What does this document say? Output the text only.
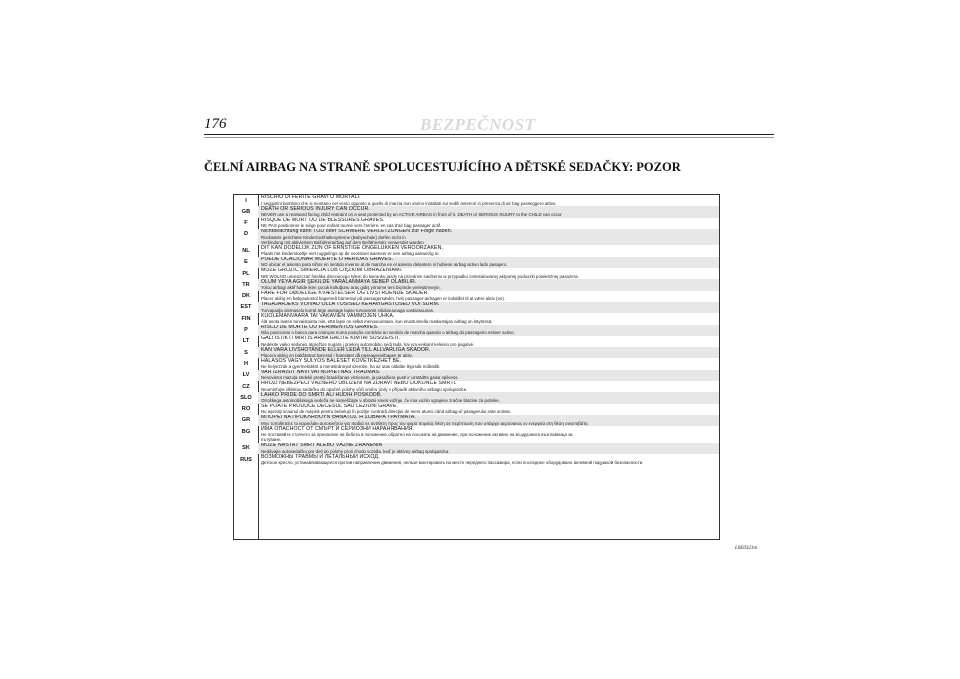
176	BEZPEČNOST
ČELNÍ AIRBAG NA STRANĚ SPOLUCESTUJÍCÍHO A DĚTSKÉ SEDAČKY: POZOR
I
RISCHIO DI FERITE GRAVI O MORTALI.
I seggiolini bambino che si montano nel verso opposto a quello di marcia non vanno installati sui sedili anteriori in presenza di air bag passeggero attivo.
GB
DEATH OR SERIOUS INJURY CAN OCCUR.
NEVER use a rearward facing child restraint on a seat protected by an ACTIVE AIRBAG in front of it. DEATH or SERIOUS INJURY to the CHILD can occur
F
RISQUE DE MORT OU DE BLESSURES GRAVES.
NE PAS positionner le siège pour enfant tourné vers l'arrière, en cas d'air bag passager actif.
D
Nichtbeachtung kann TOD oder SCHWERE VERLETZUNGEN zur Folge haben.
Rückwärts gerichtete Kinderrückhaltesysteme (Babyschale) dürfen nicht in
Verbindung mit aktiviertem Beifahrerairbag auf dem Beifahrersitz verwendet warden
NL
DIT KAN DODELIJK ZIJN OF ERNSTIGE ONGELUKKEN VEROORZAKEN.
Plaats het kinderstoeltje niet ruggelings op de voorstoel wanneer er een airbag aanwezig is.
E
PUEDE OCACIONAR MUERTE O HERIDAS GRAVES.
NO ubicar el asiento para niños en sentido inverso al de marcha en el asiento delantero si hubiese airbag activo lado pasajero.
PL
MOŻE GROZIĆ ŚMIERCIA LUB CIĘŻKIMI OBRAŻENIAMI.
NIE WOLNO umieszczać fotelika dziecięcego tyłem do kierunku jazdy na przednim siedzeniu w przypadku zainstalowanej aktywnej poduszki powietrznej pasażera.
TR
ÖLÜM YEYA AĞIR ŞEKILDE YARALANMAYA SEBEP OLABILIR.
Yolcu airbagi aktif halde iken çocuk koltuğunu araç gidiş yönüme ters biçimde yerleştirmeyin.
DK
FARE FOR DØDELIGE KVÆSTELSER OG LIVSTRUENDE SKADER.
Placer aldrig en babyautostol bagvendt barnestol på passagersædet, hvis passager-airbagen er indstillet til at være aktiv (on).
EST
TAGAJÄRJEKS VÕIVAD OLLA TÕSISED KEHAVIGASTUSED VÕI SURM.
Turvapadja olemasolu korral ärge asetage lapse turvavööst sõidusuunaga vastassuunas.
FIN
KUOLEMANVAARA TAI VAKAVIEN VAMMOJEN UHKA.
Älä asota lasten turvaistuinta niin, että lapsi on selkä menosuuntaan, kun etuistuimella matkustajan airbag on käytössä.
P
RISCO DE MORTE OU FERIMENTOS GRAVES.
Não posicionar o banco para crianças numa posição contrária ao sentido de marcha quando o airbag do passageiro estiver activo.
LT
GALI IŠTIKTI MIRTIS ARBA GALITE KIMTAI SUSIŽEISTI.
Nedėkite vaiko sėdynės atgręžtos nugara į priekinį automobilio sėdį tada, kai yra veikiant keleivio oro pagalvė.
S
KAN VARA LIVSHOTANDE ELLER LEDA TILL ALLVARLIGA SKADOR.
Placera aldrig en bakåtvänd barnstol i framsätet då passagerairbagen är aktiv.
H
HALÁSOS VAGY SÚLYOS BALESET KÖVETKEZHET BE.
Ne helyezzük a gyermekülést a menetiránnyal szembe, ha az utas oldalán légzsák működik.
LV
VAR IZRAISĪT NĀVI VAI NOPIETNAS TRAUMAS.
Nenovietot mazuļa sēdekli pretēji braukšanas virzienam, ja pasažiera pusē ir uzstādīts gaisa spilvens.
CZ
HROZÍ NEBEZPEČÍ VÁŽNÉHO UBLÍŽENÍ NA ZDRAVÍ NEBO DOKONCE SMRTI.
Neumísťujte dětskou sedačku do opačné polohy vůči směru jízdy v případě aktivního airbagu spolujezdce.
SLO
LAHKO PRIDE DO SMRTI ALI HUDIH POŠKODB.
Otroškega avtomobilskega sedeža ne nameščajte v obratni smeri vožnje, če ima vozilo vgrajene zračne blazine za potnike.
RO
SE POATE PRODUCE DECESUL SAU LEZIUNI GRAVE.
Nu aşezaţi scaunul de maşină pentru bebeluşi în poziţie contrară direcţiei de mers atunci când airbag-ul pasagerului este activat.
GR
ΜΠΟΡΕΙ ΝΑ ΠΡΟΚΛΗΘΟΥΝ ΘΑΝΑΤΟΣ Ή ΣΟΒΑΡΑ ΤΡΑΥΜΑΤΑ.
Μην τοποθετείτε το καρεκλάκι αυτοκινήτου για παιδιά σε αντίθετη προς την φορά πορείας θέση σε περίπτωση που υπάρχει αερόσακος εν ενεργεία στη θέση συνεπιβάτη.
BG
ИМА ОПАСНОСТ ОТ СМЪРТ И СЕРИОЗНИ НАРАНЯВАНИЯ.
Не поставяйте столчето за пренасяне на бебета в положение обратно на посоката на движение, при положение активно на въздушната възглавница за
пътуване.
SK
MÔŽE NASTAŤ SMRŤ ALEBO VÁŽNE ZRANENIA
Nedávajte autosedačku pre deti do polohy proti chodu vozidla, keď je aktívny airbag spolujazdca.
RUS
ВОЗМОЖНЫ ТРАВМЫ И ЛЕТАЛЬНЫЙ ИСХОД.
Детское кресло, устанавливающееся против направления движения, нельзя монтировать на месте переднего пассажира, если последнее оборудовано активной подушкой безопасности.
L0E0321m
